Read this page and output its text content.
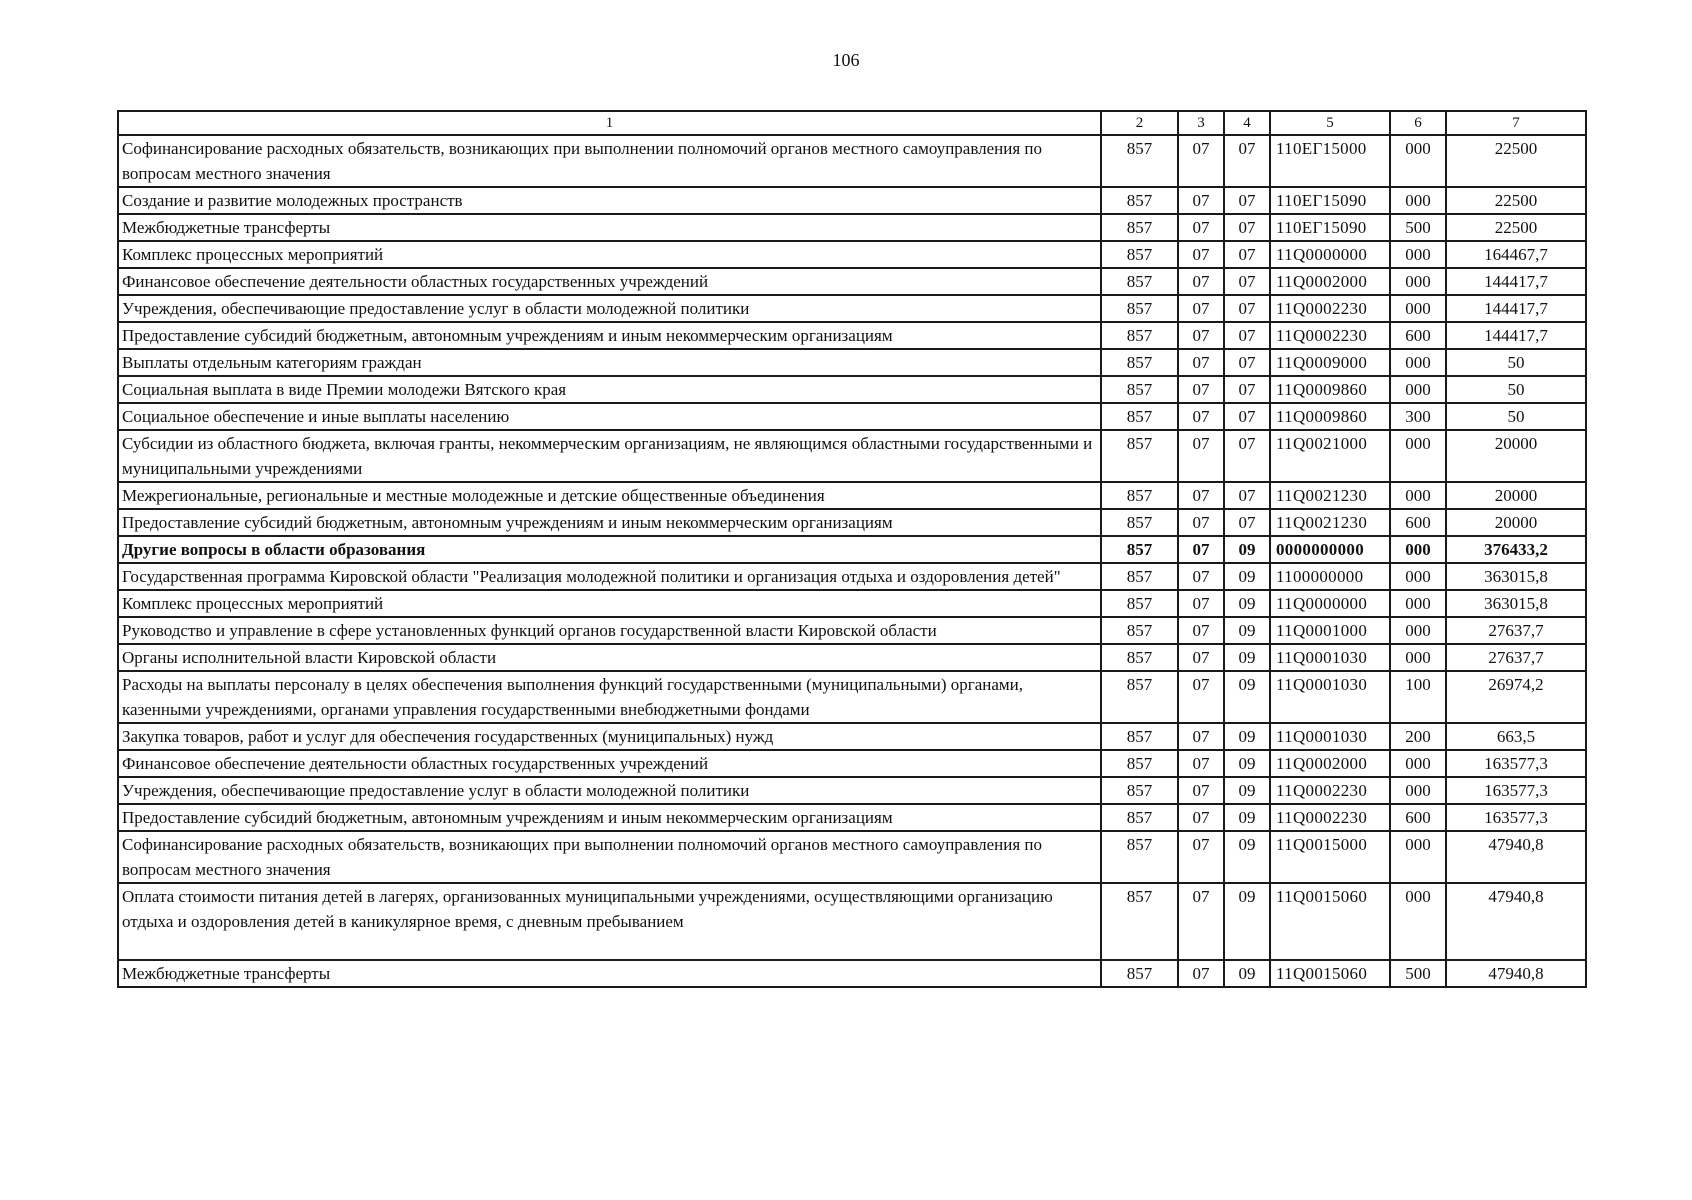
106
1	2	3	4	5	6	7
Софинансирование расходных обязательств, возникающих при выполнении полномочий органов местного самоуправления по вопросам местного значения	857	07	07	110ЕГ15000	000	22500
Создание и развитие молодежных пространств	857	07	07	110ЕГ15090	000	22500
Межбюджетные трансферты	857	07	07	110ЕГ15090	500	22500
Комплекс процессных мероприятий	857	07	07	11Q0000000	000	164467,7
Финансовое обеспечение деятельности областных государственных учреждений	857	07	07	11Q0002000	000	144417,7
Учреждения, обеспечивающие предоставление услуг в области молодежной политики	857	07	07	11Q0002230	000	144417,7
Предоставление субсидий бюджетным, автономным учреждениям и иным некоммерческим организациям	857	07	07	11Q0002230	600	144417,7
Выплаты отдельным категориям граждан	857	07	07	11Q0009000	000	50
Социальная выплата в виде Премии молодежи Вятского края	857	07	07	11Q0009860	000	50
Социальное обеспечение и иные выплаты населению	857	07	07	11Q0009860	300	50
Субсидии из областного бюджета, включая гранты, некоммерческим организациям, не являющимся областными государственными и муниципальными учреждениями	857	07	07	11Q0021000	000	20000
Межрегиональные, региональные и местные молодежные и детские общественные объединения	857	07	07	11Q0021230	000	20000
Предоставление субсидий бюджетным, автономным учреждениям и иным некоммерческим организациям	857	07	07	11Q0021230	600	20000
Другие вопросы в области образования	857	07	09	0000000000	000	376433,2
Государственная программа Кировской области "Реализация молодежной политики и организация отдыха и оздоровления детей"	857	07	09	1100000000	000	363015,8
Комплекс процессных мероприятий	857	07	09	11Q0000000	000	363015,8
Руководство и управление в сфере установленных функций органов государственной власти Кировской области	857	07	09	11Q0001000	000	27637,7
Органы исполнительной власти Кировской области	857	07	09	11Q0001030	000	27637,7
Расходы на выплаты персоналу в целях обеспечения выполнения функций государственными (муниципальными) органами, казенными учреждениями, органами управления государственными внебюджетными фондами	857	07	09	11Q0001030	100	26974,2
Закупка товаров, работ и услуг для обеспечения государственных (муниципальных) нужд	857	07	09	11Q0001030	200	663,5
Финансовое обеспечение деятельности областных государственных учреждений	857	07	09	11Q0002000	000	163577,3
Учреждения, обеспечивающие предоставление услуг в области молодежной политики	857	07	09	11Q0002230	000	163577,3
Предоставление субсидий бюджетным, автономным учреждениям и иным некоммерческим организациям	857	07	09	11Q0002230	600	163577,3
Софинансирование расходных обязательств, возникающих при выполнении полномочий органов местного самоуправления по вопросам местного значения	857	07	09	11Q0015000	000	47940,8
Оплата стоимости питания детей в лагерях, организованных муниципальными учреждениями, осуществляющими организацию отдыха и оздоровления детей в каникулярное время, с дневным пребыванием	857	07	09	11Q0015060	000	47940,8
Межбюджетные трансферты	857	07	09	11Q0015060	500	47940,8
